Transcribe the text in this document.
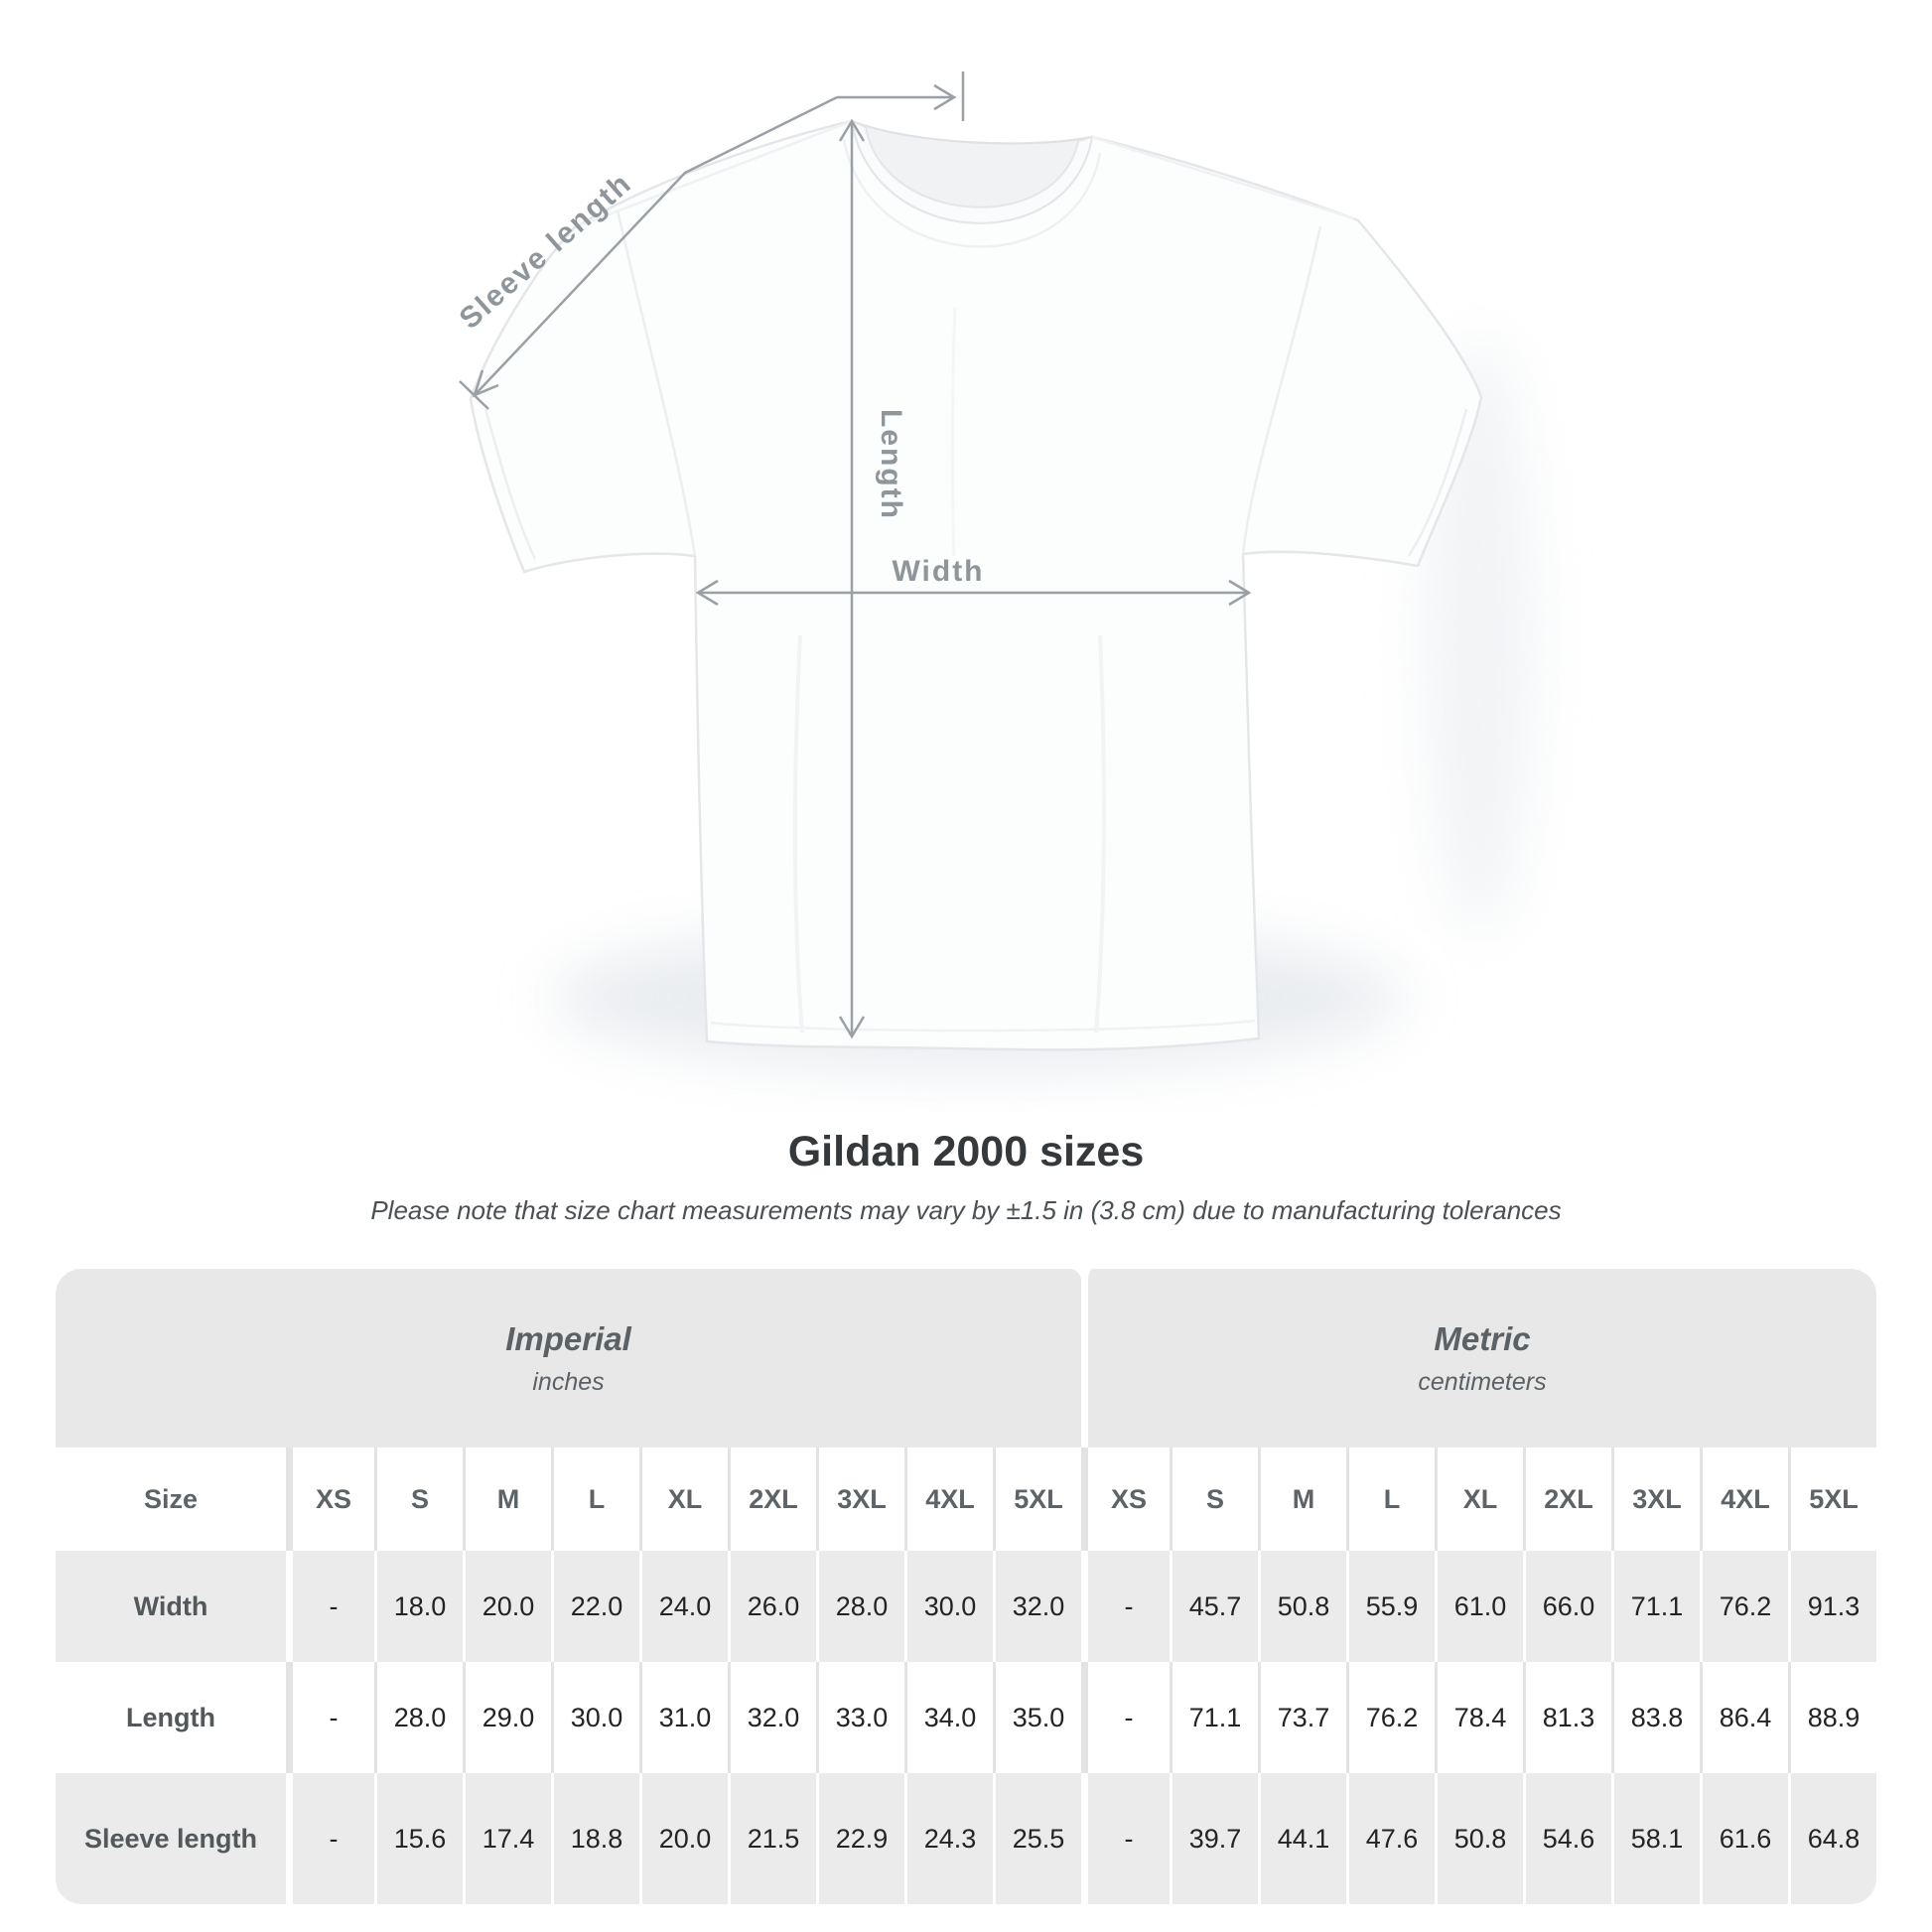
Sleeve length
Length
Width
Gildan 2000 sizes
Please note that size chart measurements may vary by ±1.5 in (3.8 cm) due to manufacturing tolerances
Imperial
inches
Metric
centimeters
Size	XS	S	M	L	XL	2XL	3XL	4XL	5XL	XS	S	M	L	XL	2XL	3XL	4XL	5XL
Width	-	18.0	20.0	22.0	24.0	26.0	28.0	30.0	32.0	-	45.7	50.8	55.9	61.0	66.0	71.1	76.2	91.3
Length	-	28.0	29.0	30.0	31.0	32.0	33.0	34.0	35.0	-	71.1	73.7	76.2	78.4	81.3	83.8	86.4	88.9
Sleeve length	-	15.6	17.4	18.8	20.0	21.5	22.9	24.3	25.5	-	39.7	44.1	47.6	50.8	54.6	58.1	61.6	64.8
